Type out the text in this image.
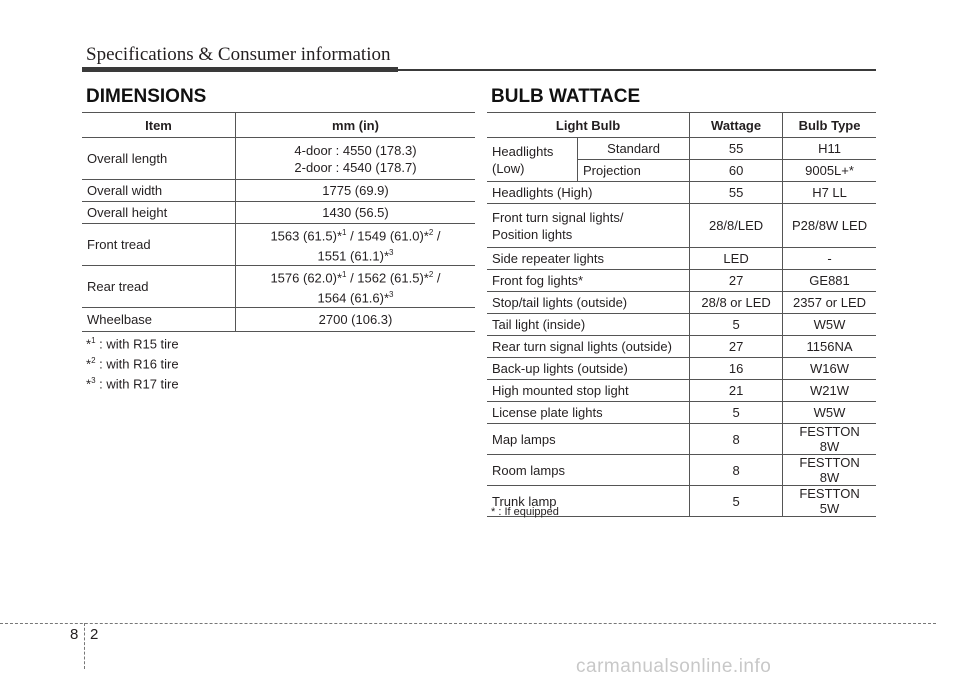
Specifications & Consumer information
DIMENSIONS
Item	mm (in)
Overall length	4-door : 4550 (178.3)
2-door : 4540 (178.7)

Overall width	1775 (69.9)
Overall height	1430 (56.5)
Front tread	1563 (61.5)*$^1$ / 1549 (61.0)*$^2$ /
1551 (61.1)*$^3$

Rear tread	1576 (62.0)*$^1$ / 1562 (61.5)*$^2$ /
1564 (61.6)*$^3$

Wheelbase	2700 (106.3)
*$^1$ : with R15 tire
*$^2$ : with R16 tire
*$^3$ : with R17 tire
BULB WATTACE
Light Bulb		Wattage	Bulb Type
Headlights (Low)	Standard	55	H11
	Projection	60	9005L+*
Headlights (High)		55	H7 LL

Front turn signal lights/ Position lights		28/8/LED	P28/8W LED
Side repeater lights		LED	-
Front fog lights*		27	GE881
Stop/tail lights (outside)		28/8 or LED	2357 or LED
Tail light (inside)		5	W5W
Rear turn signal lights (outside)		27	1156NA
Back-up lights (outside)		16	W16W
High mounted stop light		21	W21W
License plate lights		5	W5W
Map lamps		8	FESTTON 8W
Room lamps		8	FESTTON 8W
Trunk lamp		5	FESTTON 5W
* : If equipped
8 2
carmanualsonline.info
